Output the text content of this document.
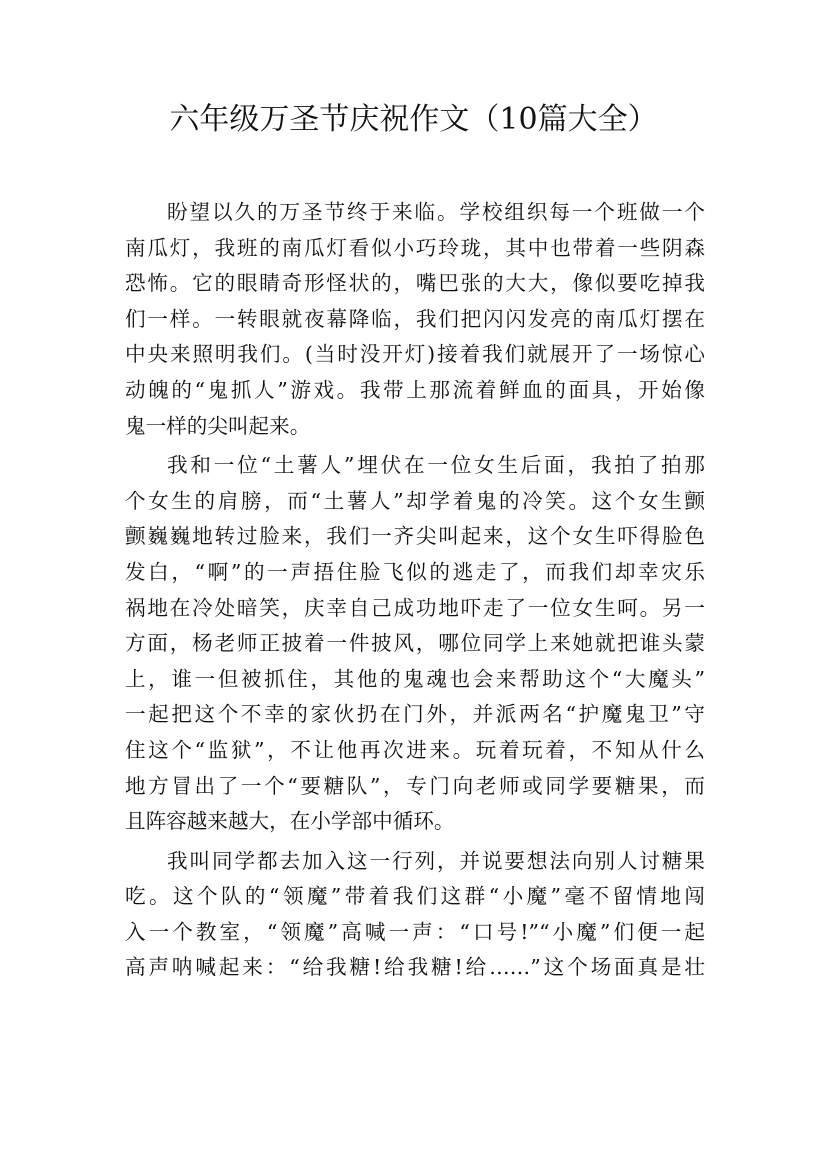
六年级万圣节庆祝作文（10篇大全）
盼望以久的万圣节终于来临。学校组织每一个班做一个
南瓜灯，我班的南瓜灯看似小巧玲珑，其中也带着一些阴森
恐怖。它的眼睛奇形怪状的，嘴巴张的大大，像似要吃掉我
们一样。一转眼就夜幕降临，我们把闪闪发亮的南瓜灯摆在
中央来照明我们。(当时没开灯)接着我们就展开了一场惊心
动魄的“鬼抓人”游戏。我带上那流着鲜血的面具，开始像
鬼一样的尖叫起来。
我和一位“土薯人”埋伏在一位女生后面，我拍了拍那
个女生的肩膀，而“土薯人”却学着鬼的冷笑。这个女生颤
颤巍巍地转过脸来，我们一齐尖叫起来，这个女生吓得脸色
发白，“啊”的一声捂住脸飞似的逃走了，而我们却幸灾乐
祸地在冷处暗笑，庆幸自己成功地吓走了一位女生呵。另一
方面，杨老师正披着一件披风，哪位同学上来她就把谁头蒙
上，谁一但被抓住，其他的鬼魂也会来帮助这个“大魔头”
一起把这个不幸的家伙扔在门外，并派两名“护魔鬼卫”守
住这个“监狱”，不让他再次进来。玩着玩着，不知从什么
地方冒出了一个“要糖队”，专门向老师或同学要糖果，而
且阵容越来越大，在小学部中循环。
我叫同学都去加入这一行列，并说要想法向别人讨糖果
吃。这个队的“领魔”带着我们这群“小魔”毫不留情地闯
入一个教室，“领魔”高喊一声：“口号!”“小魔”们便一起
高声呐喊起来：“给我糖!给我糖!给……”这个场面真是壮
